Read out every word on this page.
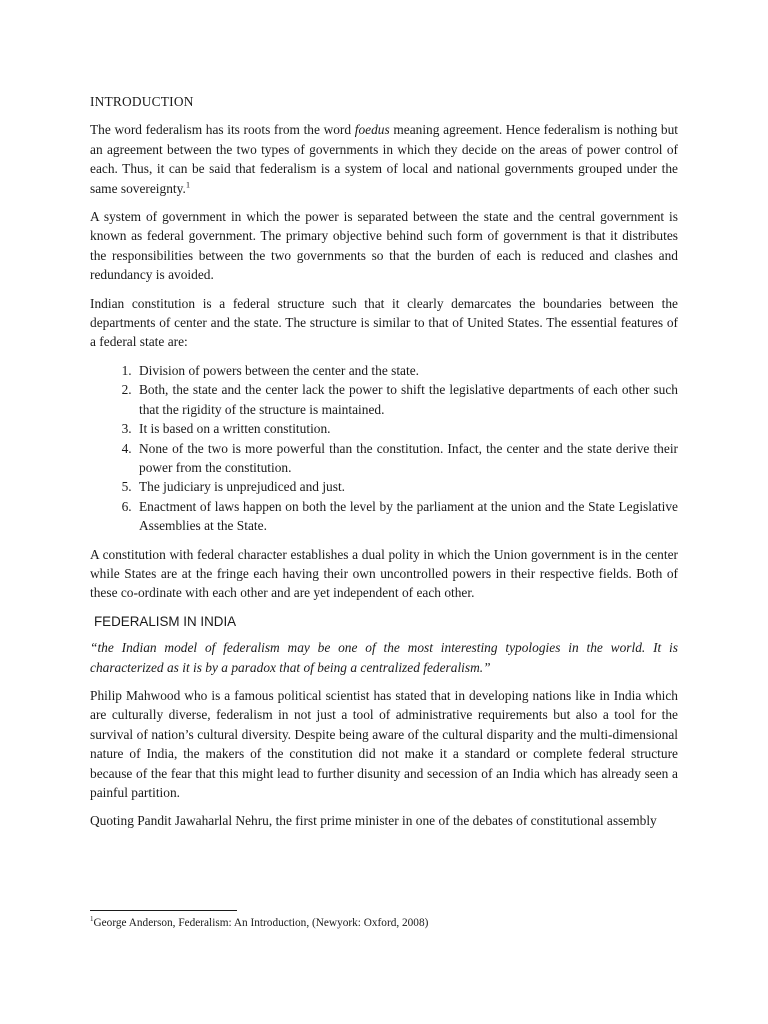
INTRODUCTION

The word federalism has its roots from the word foedus meaning agreement. Hence federalism is nothing but an agreement between the two types of governments in which they decide on the areas of power control of each. Thus, it can be said that federalism is a system of local and national governments grouped under the same sovereignty.$^1$

A system of government in which the power is separated between the state and the central government is known as federal government. The primary objective behind such form of government is that it distributes the responsibilities between the two governments so that the burden of each is reduced and clashes and redundancy is avoided.

Indian constitution is a federal structure such that it clearly demarcates the boundaries between the departments of center and the state. The structure is similar to that of United States. The essential features of a federal state are:

1. Division of powers between the center and the state.
2. Both, the state and the center lack the power to shift the legislative departments of each other such that the rigidity of the structure is maintained.
3. It is based on a written constitution.
4. None of the two is more powerful than the constitution. Infact, the center and the state derive their power from the constitution.
5. The judiciary is unprejudiced and just.
6. Enactment of laws happen on both the level by the parliament at the union and the State Legislative Assemblies at the State.

A constitution with federal character establishes a dual polity in which the Union government is in the center while States are at the fringe each having their own uncontrolled powers in their respective fields. Both of these co-ordinate with each other and are yet independent of each other.

FEDERALISM IN INDIA

“the Indian model of federalism may be one of the most interesting typologies in the world. It is characterized as it is by a paradox that of being a centralized federalism.”

Philip Mahwood who is a famous political scientist has stated that in developing nations like in India which are culturally diverse, federalism in not just a tool of administrative requirements but also a tool for the survival of nation’s cultural diversity. Despite being aware of the cultural disparity and the multi-dimensional nature of India, the makers of the constitution did not make it a standard or complete federal structure because of the fear that this might lead to further disunity and secession of an India which has already seen a painful partition.

Quoting Pandit Jawaharlal Nehru, the first prime minister in one of the debates of constitutional assembly

$^1$George Anderson, Federalism: An Introduction, (Newyork: Oxford, 2008)
